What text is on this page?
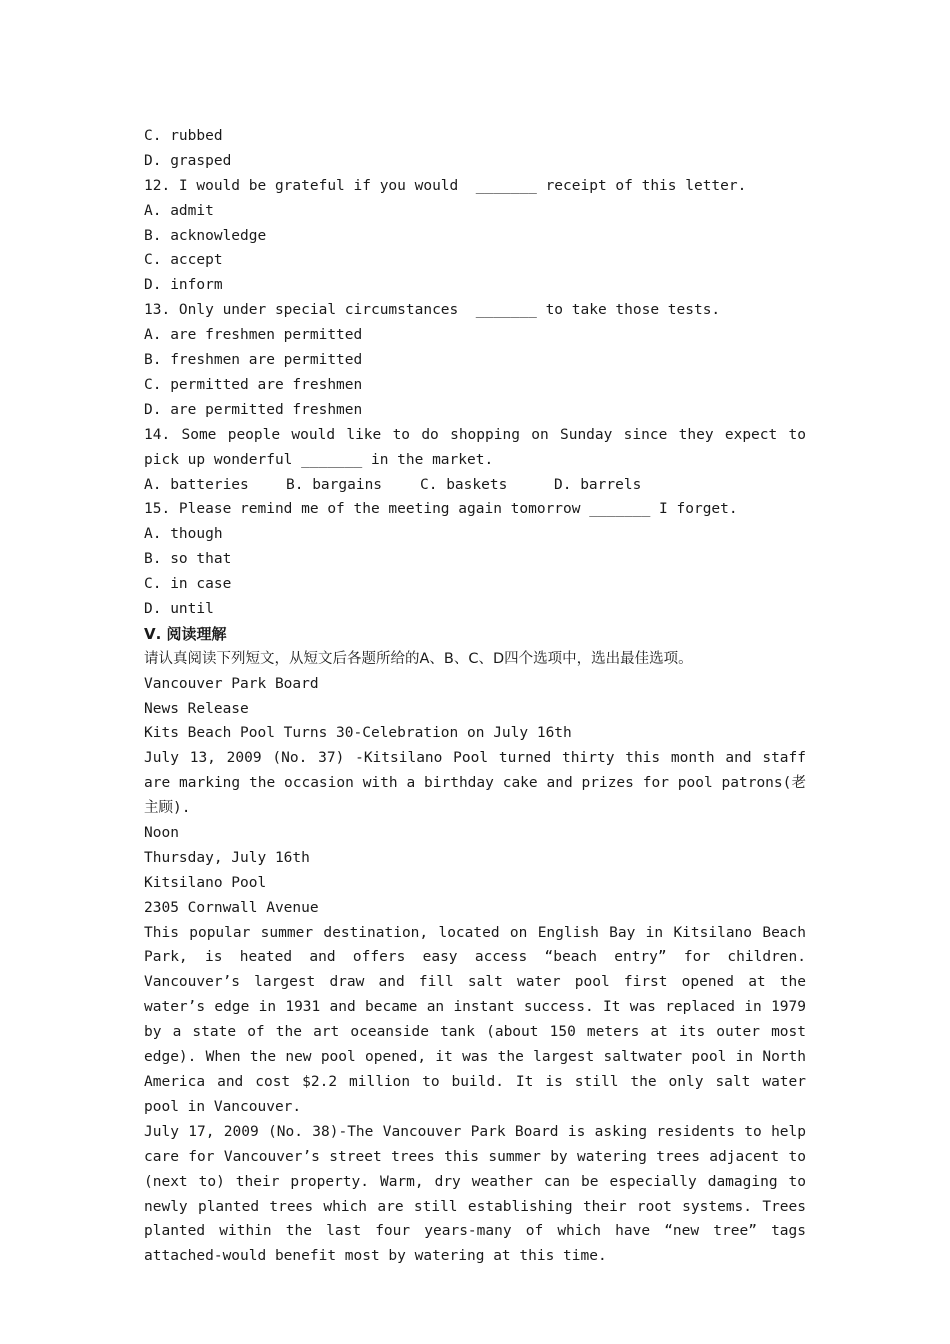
C. rubbed
D. grasped
12. I would be grateful if you would  _______ receipt of this letter.
A. admit
B. acknowledge
C. accept
D. inform
13. Only under special circumstances  _______ to take those tests.
A. are freshmen permitted
B. freshmen are permitted
C. permitted are freshmen
D. are permitted freshmen
14. Some people would like to do shopping on Sunday since they expect to pick up wonderful _______ in the market.
A. batteries	B. bargains	C. baskets	D. barrels
15. Please remind me of the meeting again tomorrow _______ I forget.
A. though
B. so that
C. in case
D. until
Ⅴ. 阅读理解
请认真阅读下列短文，从短文后各题所给的A、B、C、D四个选项中，选出最佳选项。
Vancouver Park Board
News Release
Kits Beach Pool Turns 30-Celebration on July 16th
July 13, 2009 (No. 37) -Kitsilano Pool turned thirty this month and staff are marking the occasion with a birthday cake and prizes for pool patrons(老主顾).
Noon
Thursday, July 16th
Kitsilano Pool
2305 Cornwall Avenue
This popular summer destination, located on English Bay in Kitsilano Beach Park, is heated and offers easy access “beach entry” for children. Vancouver’s largest draw and fill salt water pool first opened at the water’s edge in 1931 and became an instant success. It was replaced in 1979 by a state of the art oceanside tank (about 150 meters at its outer most edge). When the new pool opened, it was the largest saltwater pool in North America and cost $2.2 million to build. It is still the only salt water pool in Vancouver.
July 17, 2009 (No. 38)-The Vancouver Park Board is asking residents to help care for Vancouver’s street trees this summer by watering trees adjacent to (next to) their property. Warm, dry weather can be especially damaging to newly planted trees which are still establishing their root systems. Trees planted within the last four years-many of which have “new tree” tags attached-would benefit most by watering at this time.
